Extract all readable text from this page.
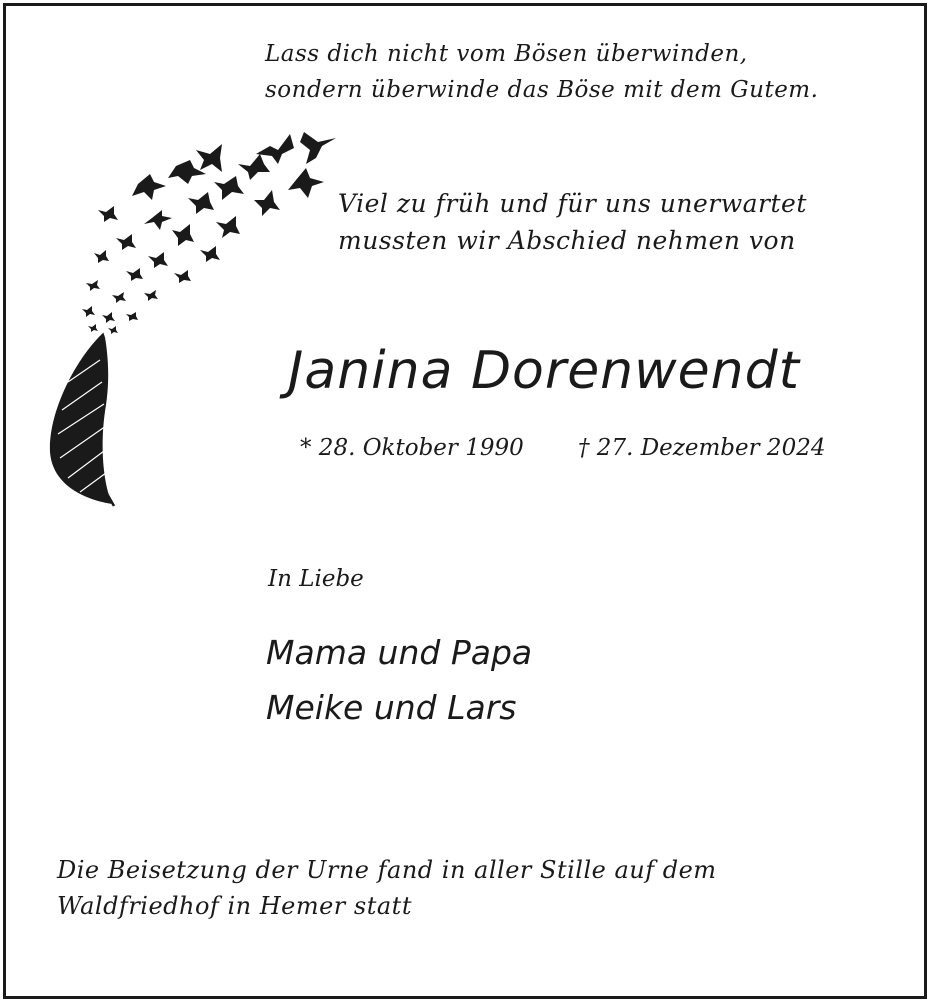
Lass dich nicht vom Bösen überwinden,
sondern überwinde das Böse mit dem Gutem.
Viel zu früh und für uns unerwartet
mussten wir Abschied nehmen von
Janina Dorenwendt
* 28. Oktober 1990 † 27. Dezember 2024
In Liebe
Mama und Papa
Meike und Lars
Die Beisetzung der Urne fand in aller Stille auf dem
Waldfriedhof in Hemer statt
